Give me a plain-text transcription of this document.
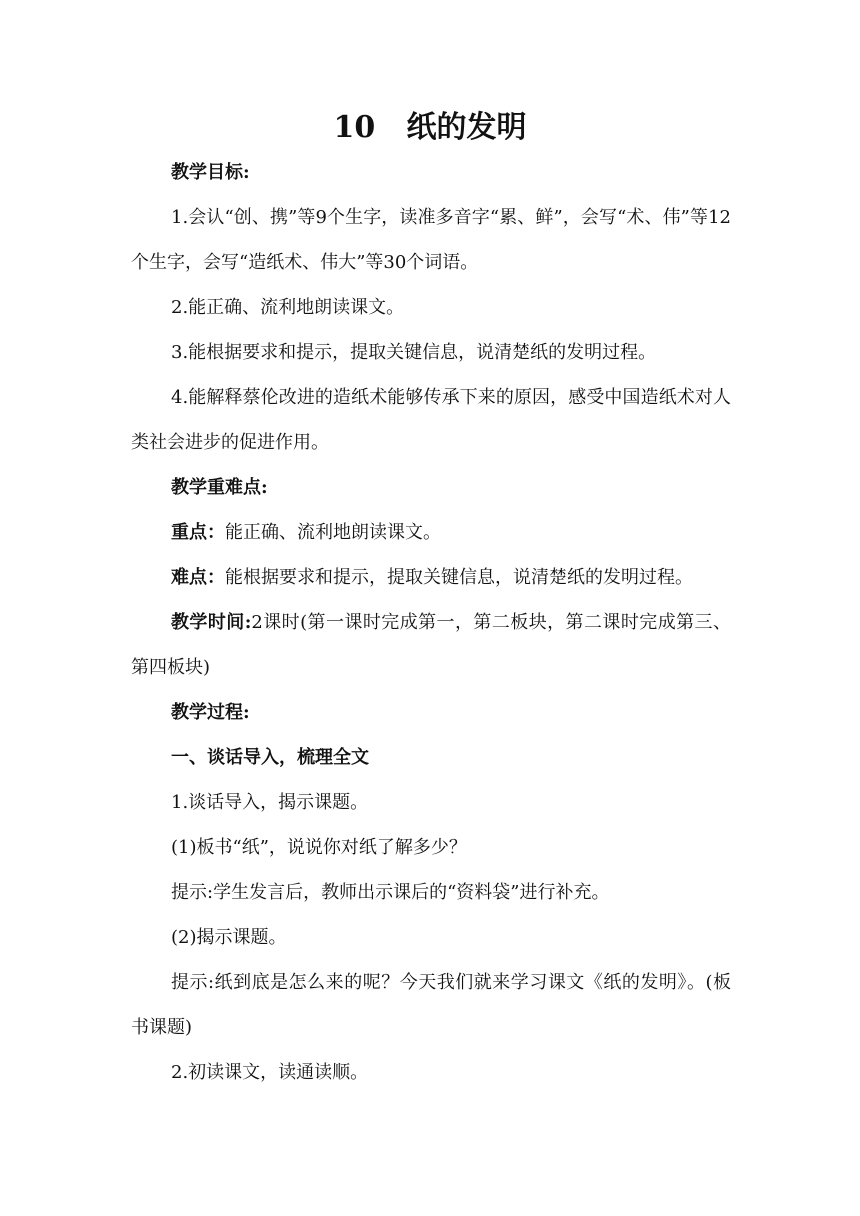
10   纸的发明

教学目标:

1.会认“创、携”等9个生字，读准多音字“累、鲜”，会写“术、伟”等12个生字，会写“造纸术、伟大”等30个词语。

2.能正确、流利地朗读课文。

3.能根据要求和提示，提取关键信息，说清楚纸的发明过程。

4.能解释蔡伦改进的造纸术能够传承下来的原因，感受中国造纸术对人类社会进步的促进作用。

教学重难点:

重点：能正确、流利地朗读课文。

难点：能根据要求和提示，提取关键信息，说清楚纸的发明过程。

教学时间:2课时(第一课时完成第一，第二板块，第二课时完成第三、第四板块)

教学过程:

一、谈话导入，梳理全文

1.谈话导入，揭示课题。

(1)板书“纸”，说说你对纸了解多少？

提示:学生发言后，教师出示课后的“资料袋”进行补充。

(2)揭示课题。

提示:纸到底是怎么来的呢？今天我们就来学习课文《纸的发明》。(板书课题)

2.初读课文，读通读顺。
